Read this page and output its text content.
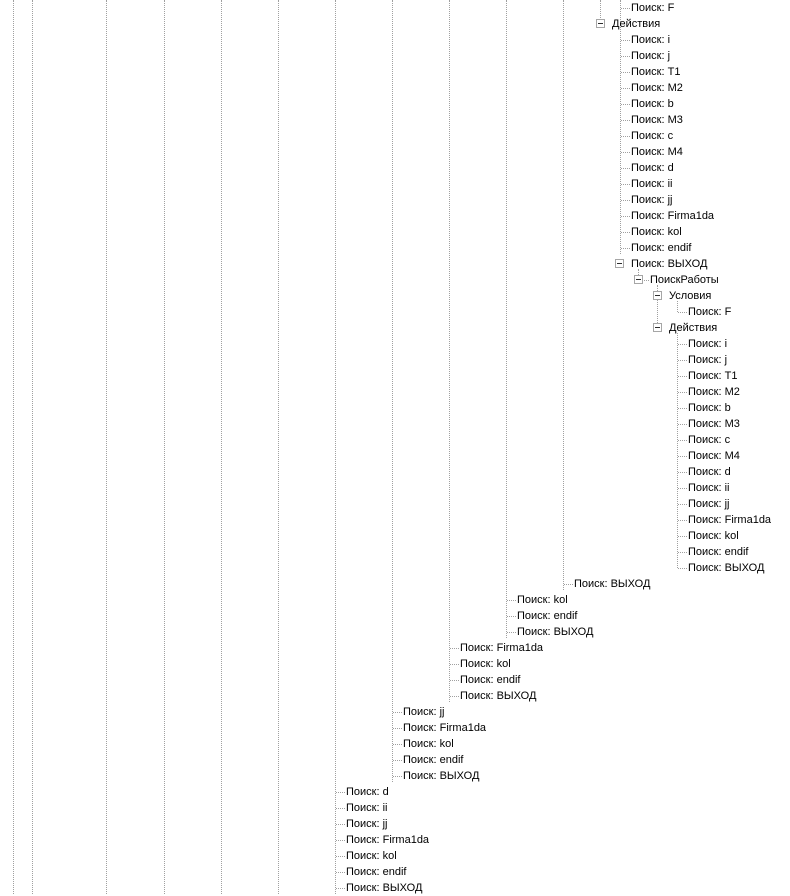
Поиск: F
Действия
Поиск: i
Поиск: j
Поиск: T1
Поиск: M2
Поиск: b
Поиск: M3
Поиск: c
Поиск: M4
Поиск: d
Поиск: ii
Поиск: jj
Поиск: Firma1da
Поиск: kol
Поиск: endif
Поиск: ВЫХОД
ПоискРаботы
Условия
Поиск: F
Действия
Поиск: i
Поиск: j
Поиск: T1
Поиск: M2
Поиск: b
Поиск: M3
Поиск: c
Поиск: M4
Поиск: d
Поиск: ii
Поиск: jj
Поиск: Firma1da
Поиск: kol
Поиск: endif
Поиск: ВЫХОД
Поиск: ВЫХОД
Поиск: kol
Поиск: endif
Поиск: ВЫХОД
Поиск: Firma1da
Поиск: kol
Поиск: endif
Поиск: ВЫХОД
Поиск: jj
Поиск: Firma1da
Поиск: kol
Поиск: endif
Поиск: ВЫХОД
Поиск: d
Поиск: ii
Поиск: jj
Поиск: Firma1da
Поиск: kol
Поиск: endif
Поиск: ВЫХОД
